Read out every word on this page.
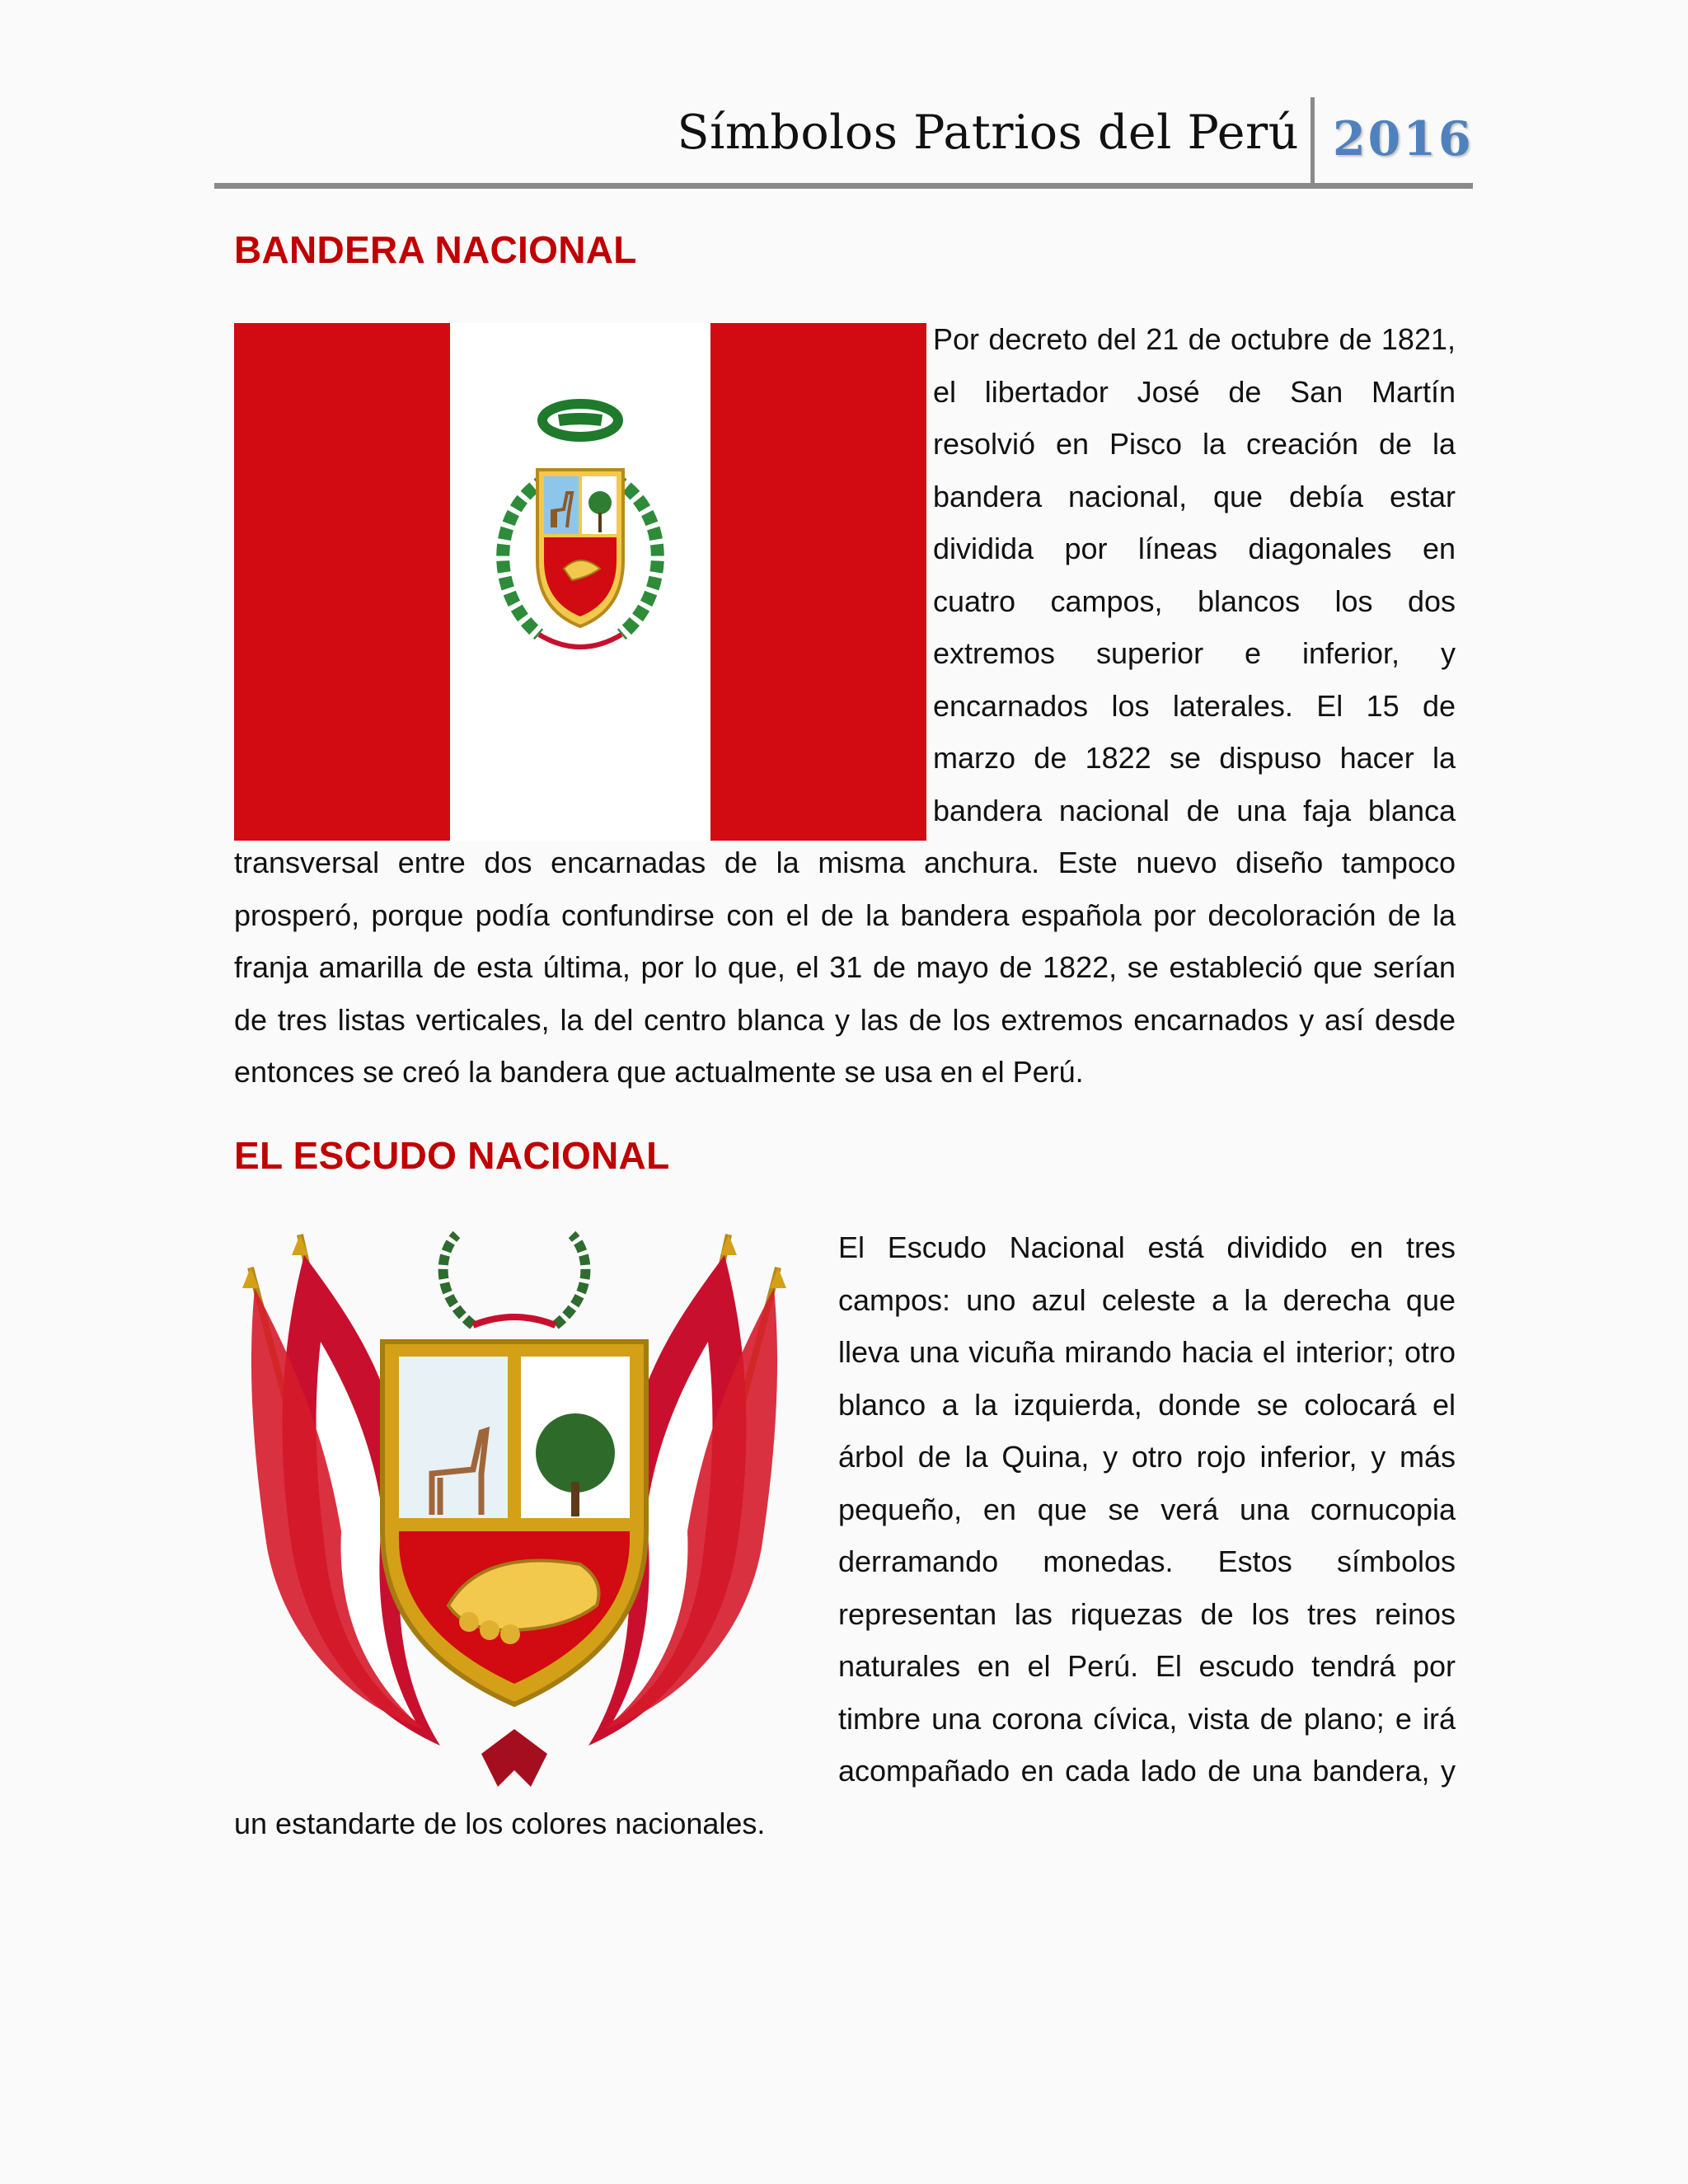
Símbolos Patrios del Perú 2016
BANDERA NACIONAL

Por decreto del 21 de octubre de 1821, el libertador José de San Martín resolvió en Pisco la creación de la bandera nacional, que debía estar dividida por líneas diagonales en cuatro campos, blancos los dos extremos superior e inferior, y encarnados los laterales. El 15 de marzo de 1822 se dispuso hacer la bandera nacional de una faja blanca transversal entre dos encarnadas de la misma anchura. Este nuevo diseño tampoco prosperó, porque podía confundirse con el de la bandera española por decoloración de la franja amarilla de esta última, por lo que, el 31 de mayo de 1822, se estableció que serían de tres listas verticales, la del centro blanca y las de los extremos encarnados y así desde entonces se creó la bandera que actualmente se usa en el Perú.

EL ESCUDO NACIONAL

El Escudo Nacional está dividido en tres campos: uno azul celeste a la derecha que lleva una vicuña mirando hacia el interior; otro blanco a la izquierda, donde se colocará el árbol de la Quina, y otro rojo inferior, y más pequeño, en que se verá una cornucopia derramando monedas. Estos símbolos representan las riquezas de los tres reinos naturales en el Perú. El escudo tendrá por timbre una corona cívica, vista de plano; e irá acompañado en cada lado de una bandera, y un estandarte de los colores nacionales.
